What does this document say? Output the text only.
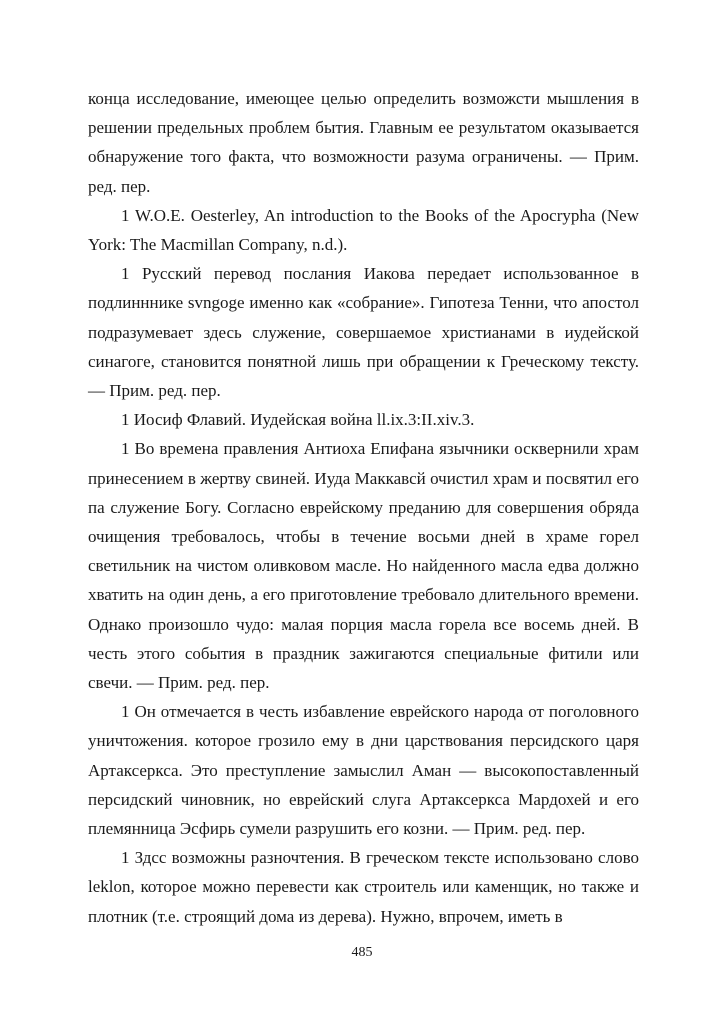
конца исследование, имеющее целью определить возможсти мышления в решении предельных проблем бытия. Главным ее результатом оказывается обнаружение того факта, что возможности разума ограничены. — Прим. ред. пер.

1 W.O.E. Oesterley, An introduction to the Books of the Apocrypha (New York: The Macmillan Company, n.d.).

1 Русский перевод послания Иакова передает использованное в подлинннике svngoge именно как «собрание». Гипотеза Тенни, что апостол подразумевает здесь служение, совершаемое христианами в иудейской синагоге, становится понятной лишь при обращении к Греческому тексту. — Прим. ред. пер.

1 Иосиф Флавий. Иудейская война ll.ix.3:II.xiv.3.

1 Во времена правления Антиоха Епифана язычники осквернили храм принесением в жертву свиней. Иуда Маккавсй очистил храм и посвятил его па служение Богу. Согласно еврейскому преданию для совершения обряда очищения требовалось, чтобы в течение восьми дней в храме горел светильник на чистом оливковом масле. Но найденного масла едва должно хватить на один день, а его приготовление требовало длительного времени. Однако произошло чудо: малая порция масла горела все восемь дней. В честь этого события в праздник зажигаются специальные фитили или свечи. — Прим. ред. пер.

1 Он отмечается в честь избавление еврейского народа от поголовного уничтожения. которое грозило ему в дни царствования персидского царя Артаксеркса. Это преступление замыслил Аман — высокопоставленный персидский чиновник, но еврейский слуга Артаксеркса Мардохей и его племянница Эсфирь сумели разрушить его козни. — Прим. ред. пер.

1 Здсс возможны разночтения. В греческом тексте использовано слово leklon, которое можно перевести как строитель или каменщик, но также и плотник (т.е. строящий дома из дерева). Нужно, впрочем, иметь в

485
